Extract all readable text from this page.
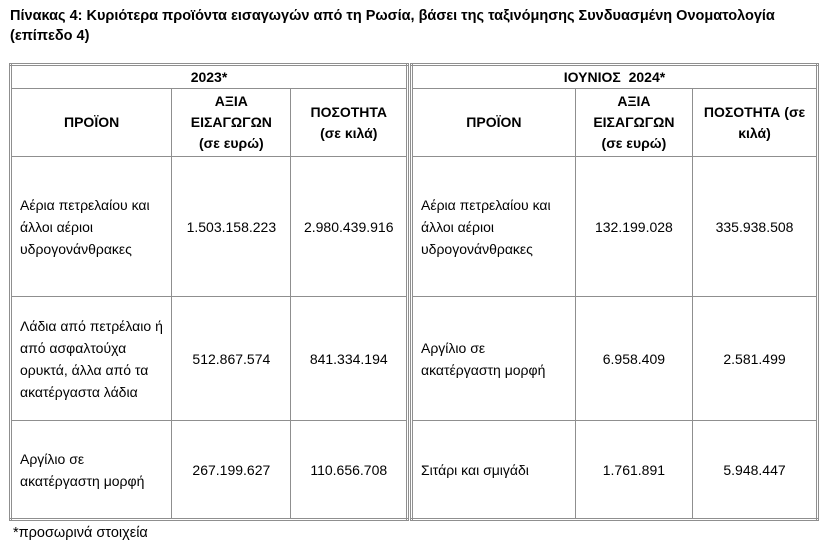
Πίνακας 4: Κυριότερα προϊόντα εισαγωγών από τη Ρωσία, βάσει της ταξινόμησης Συνδυασμένη Ονοματολογία (επίπεδο 4)

2023*		
ΠΡΟΪΟΝ	ΑΞΙΑ ΕΙΣΑΓΩΓΩΝ (σε ευρώ)	ΠΟΣΟΤΗΤΑ (σε κιλά)
Αέρια πετρελαίου και άλλοι αέριοι υδρογονάνθρακες	1.503.158.223	2.980.439.916
Λάδια από πετρέλαιο ή από ασφαλτούχα ορυκτά, άλλα από τα ακατέργαστα λάδια	512.867.574	841.334.194
Αργίλιο σε ακατέργαστη μορφή	267.199.627	110.656.708
ΙΟΥΝΙΟΣ  2024*		
ΠΡΟΪΟΝ	ΑΞΙΑ ΕΙΣΑΓΩΓΩΝ (σε ευρώ)	ΠΟΣΟΤΗΤΑ (σε κιλά)
Αέρια πετρελαίου και άλλοι αέριοι υδρογονάνθρακες	132.199.028	335.938.508
Αργίλιο σε ακατέργαστη μορφή	6.958.409	2.581.499
Σιτάρι και σμιγάδι	1.761.891	5.948.447

*προσωρινά στοιχεία
